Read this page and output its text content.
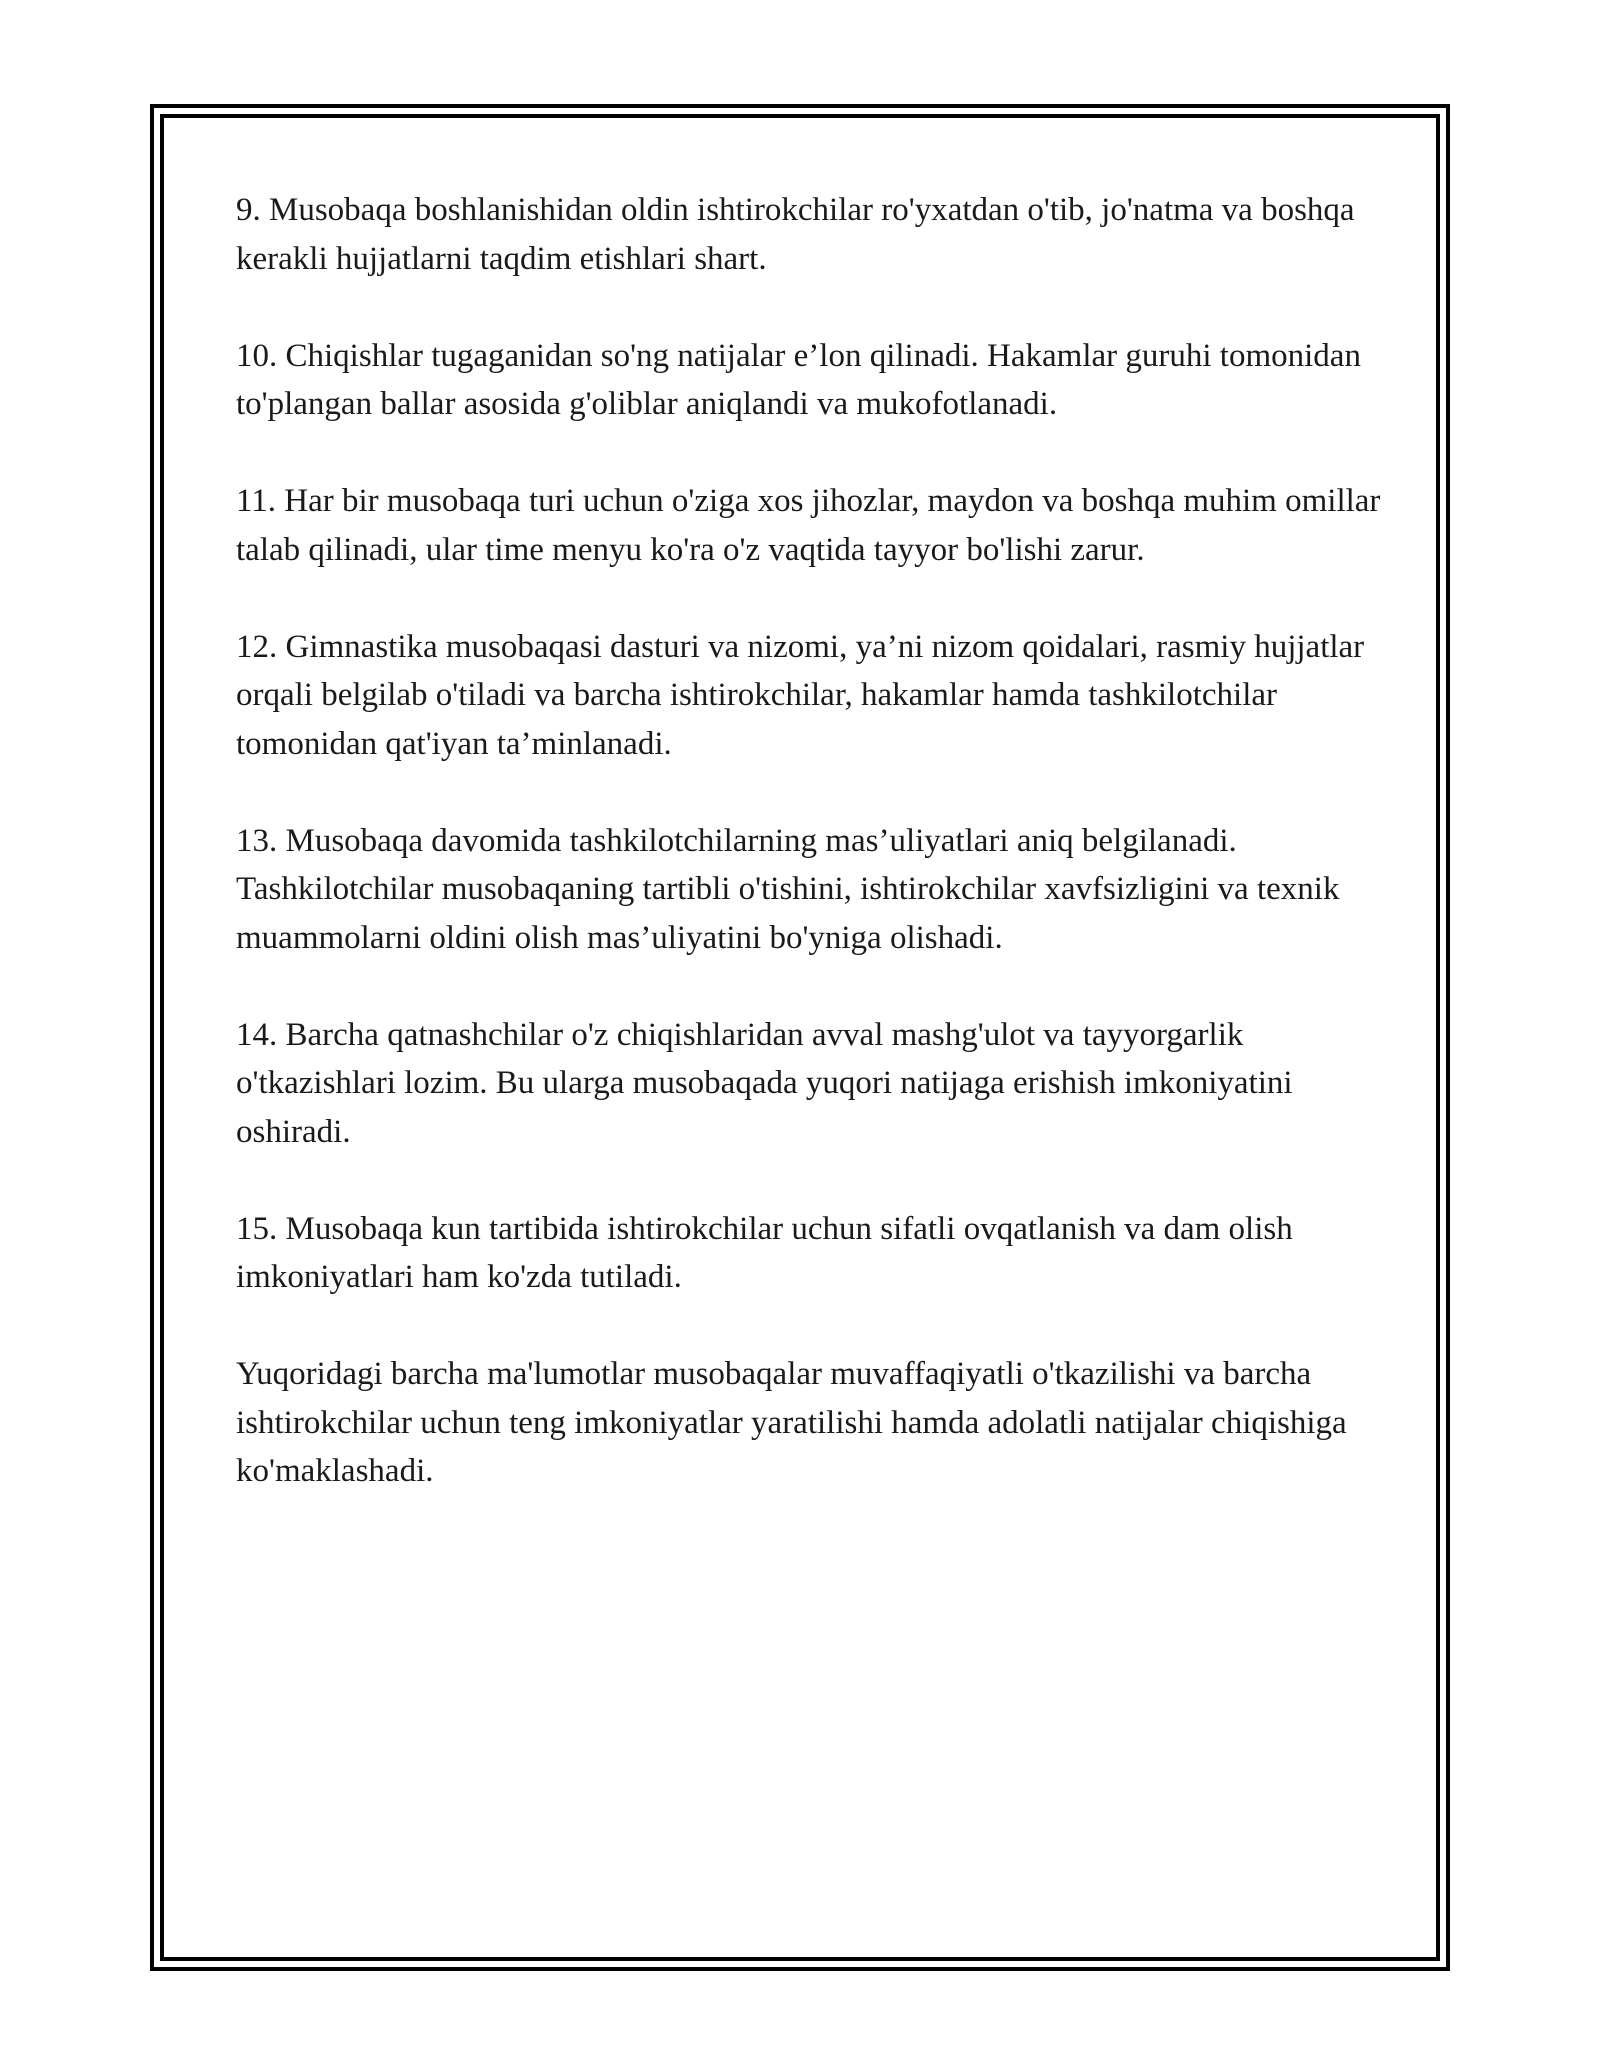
9. Musobaqa boshlanishidan oldin ishtirokchilar ro'yxatdan o'tib, jo'natma va boshqa kerakli hujjatlarni taqdim etishlari shart.

10. Chiqishlar tugaganidan so'ng natijalar e’lon qilinadi. Hakamlar guruhi tomonidan to'plangan ballar asosida g'oliblar aniqlandi va mukofotlanadi.

11. Har bir musobaqa turi uchun o'ziga xos jihozlar, maydon va boshqa muhim omillar talab qilinadi, ular time menyu ko'ra o'z vaqtida tayyor bo'lishi zarur.

12. Gimnastika musobaqasi dasturi va nizomi, ya’ni nizom qoidalari, rasmiy hujjatlar orqali belgilab o'tiladi va barcha ishtirokchilar, hakamlar hamda tashkilotchilar tomonidan qat'iyan ta’minlanadi.

13. Musobaqa davomida tashkilotchilarning mas’uliyatlari aniq belgilanadi. Tashkilotchilar musobaqaning tartibli o'tishini, ishtirokchilar xavfsizligini va texnik muammolarni oldini olish mas’uliyatini bo'yniga olishadi.

14. Barcha qatnashchilar o'z chiqishlaridan avval mashg'ulot va tayyorgarlik o'tkazishlari lozim. Bu ularga musobaqada yuqori natijaga erishish imkoniyatini oshiradi.

15. Musobaqa kun tartibida ishtirokchilar uchun sifatli ovqatlanish va dam olish imkoniyatlari ham ko'zda tutiladi.

Yuqoridagi barcha ma'lumotlar musobaqalar muvaffaqiyatli o'tkazilishi va barcha ishtirokchilar uchun teng imkoniyatlar yaratilishi hamda adolatli natijalar chiqishiga ko'maklashadi.
